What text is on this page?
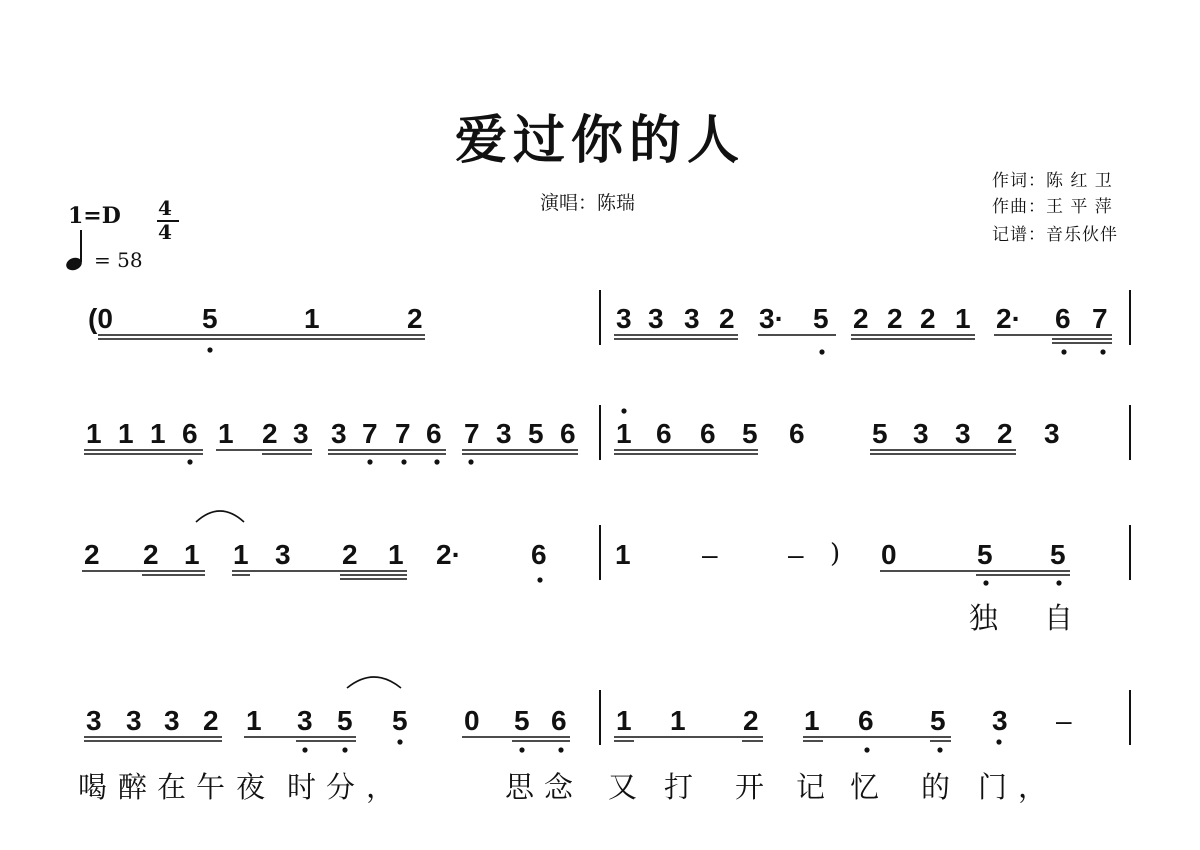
爱过你的人
演唱：陈瑞
作词：陈 红 卫
作曲：王 平 萍
记谱：音乐伙伴
1=D 4
4
= 58
(0	5	1	2	3 3 3 2 3· 5 2 2 2 1 2· 6 7
1 1 1 6 1 2 3 3 7 7 6 7 3 5 6 1 6 6 5 6 5 3 3 2 3
2 2 1 1 3 2 1 2·	6 1	–	– ) 0	5 5
独 自
3 3 3 2 1 3 5 5 0 5 6 1 1 2 1 6 5 3 –
喝 醉 在 午 夜 时 分 ，	思 念 又 打 开 记 忆 的 门 ，
